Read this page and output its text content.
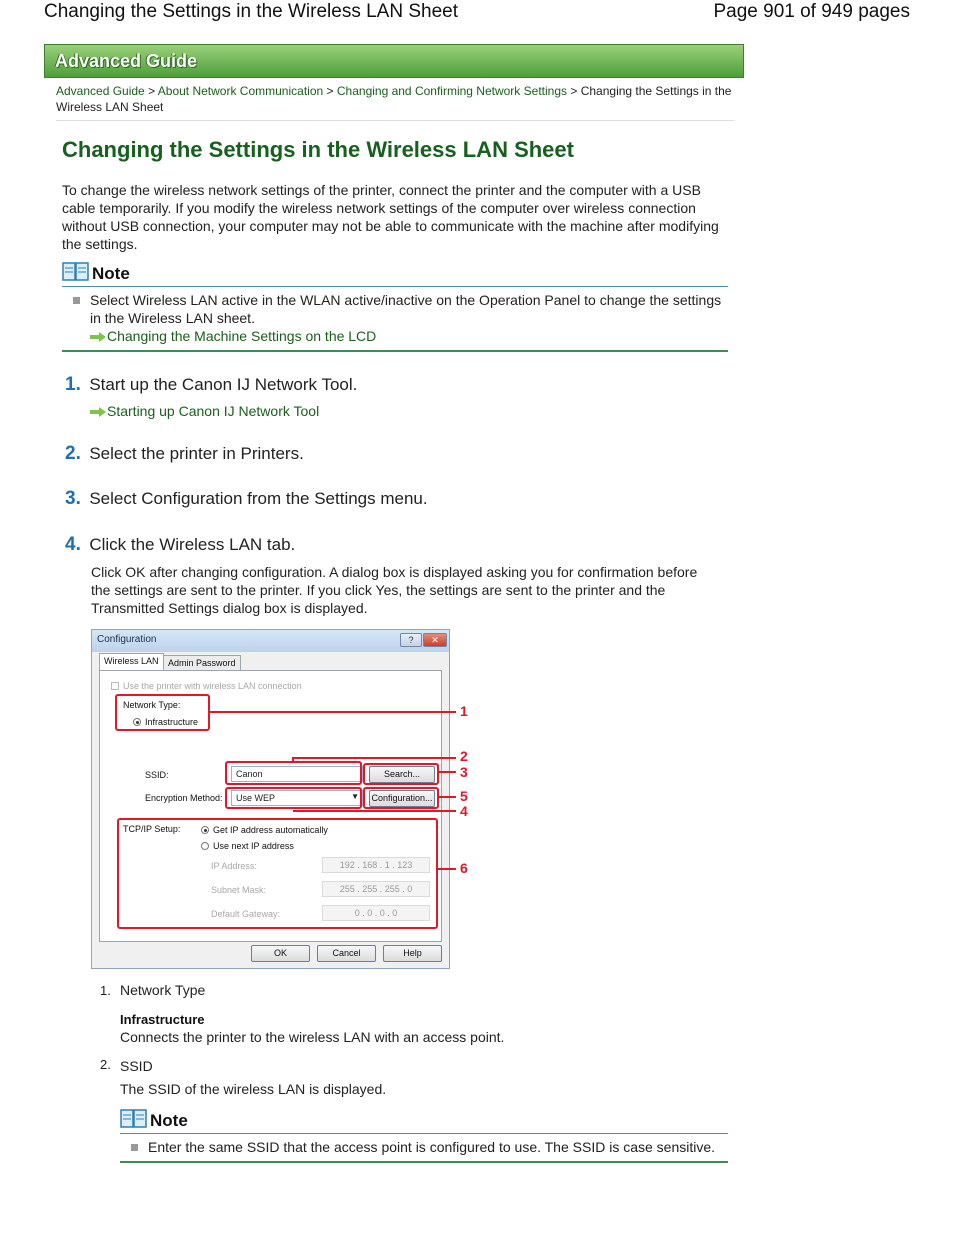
Changing the Settings in the Wireless LAN Sheet	Page 901 of 949 pages
Advanced Guide
Advanced Guide > About Network Communication > Changing and Confirming Network Settings > Changing the Settings in the Wireless LAN Sheet
Changing the Settings in the Wireless LAN Sheet
To change the wireless network settings of the printer, connect the printer and the computer with a USB cable temporarily. If you modify the wireless network settings of the computer over wireless connection without USB connection, your computer may not be able to communicate with the machine after modifying the settings.
Note
Select Wireless LAN active in the WLAN active/inactive on the Operation Panel to change the settings in the Wireless LAN sheet.
Changing the Machine Settings on the LCD
1. Start up the Canon IJ Network Tool.
Starting up Canon IJ Network Tool
2. Select the printer in Printers.
3. Select Configuration from the Settings menu.
4. Click the Wireless LAN tab.
Click OK after changing configuration. A dialog box is displayed asking you for confirmation before the settings are sent to the printer. If you click Yes, the settings are sent to the printer and the Transmitted Settings dialog box is displayed.
Configuration	?	✕
Wireless LAN	Admin Password
Use the printer with wireless LAN connection
Network Type:
Infrastructure
SSID:	Canon	Search...
Encryption Method:	Use WEP	▼ Configuration...
TCP/IP Setup:	Get IP address automatically
Use next IP address
IP Address:	192 . 168 . 1 . 123
Subnet Mask:	255 . 255 . 255 . 0
Default Gateway:	0 . 0 . 0 . 0
OK	Cancel	Help
1
2
3
5
4
6
1. Network Type
Infrastructure
Connects the printer to the wireless LAN with an access point.
2. SSID
The SSID of the wireless LAN is displayed.
Note
Enter the same SSID that the access point is configured to use. The SSID is case sensitive.
